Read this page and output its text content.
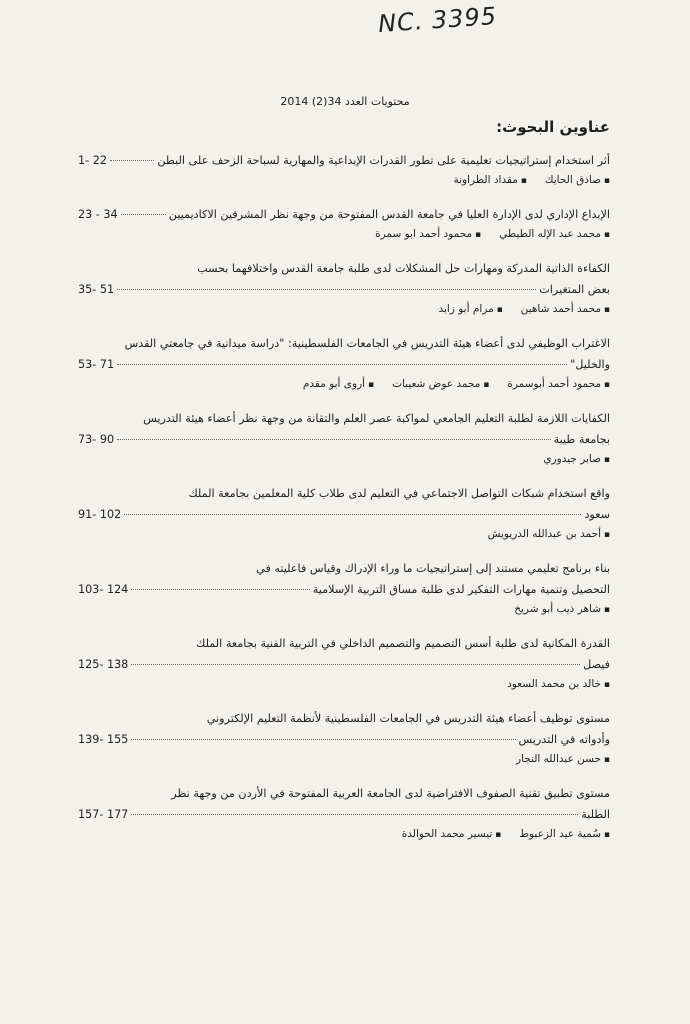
NC. 3395
محتويات العدد 34(2) 2014
عناوين البحوث:
أثر استخدام إستراتيجيات تعليمية على تطور القدرات الإبداعية والمهارية لسباحة الزحف على البطن
1- 22
▪ صادق الحايك
▪ مقداد الطراونة
الإبداع الإداري لدى الإدارة العليا في جامعة القدس المفتوحة من وجهة نظر المشرفين الاكاديميين
23 - 34
▪ محمد عبد الإله الطيطي
▪ محمود أحمد ابو سمرة
الكفاءة الذاتية المدركة ومهارات حل المشكلات لدى طلبة جامعة القدس واختلافهما بحسب
بعض المتغيرات
35- 51
▪ محمد أحمد شاهين
▪ مرام أبو زايد
الاغتراب الوظيفي لدى أعضاء هيئة التدريس في الجامعات الفلسطينية: "دراسة ميدانية في جامعتي القدس
والخليل"
53- 71
▪ محمود أحمد أبوسمرة
▪ محمد عوض شعيبات
▪ أروى أبو مقدم
الكفايات اللازمة لطلبة التعليم الجامعي لمواكبة عصر العلم والتقانة من وجهة نظر أعضاء هيئة التدريس
بجامعة طيبة
73- 90
▪ صابر جيدوري
واقع استخدام شبكات التواصل الاجتماعي في التعليم لدى طلاب كلية المعلمين بجامعة الملك
سعود
91- 102
▪ أحمد بن عبدالله الدريويش
بناء برنامج تعليمي مستند إلى إستراتيجيات ما وراء الإدراك وقياس فاعليته في
التحصيل وتنمية مهارات التفكير لدى طلبة مساق التربية الإسلامية
103- 124
▪ شاهر ذيب أبو شريخ
القدرة المكانية لدى طلبة أسس التصميم والتصميم الداخلي في التربية الفنية بجامعة الملك
فيصل
125- 138
▪ خالد بن محمد السعود
مستوى توظيف أعضاء هيئة التدريس في الجامعات الفلسطينية لأنظمة التعليم الإلكتروني
وأدواته في التدريس
139- 155
▪ حسن عبدالله النجار
مستوى تطبيق تقنية الصفوف الافتراضية لدى الجامعة العربية المفتوحة في الأردن من وجهة نظر
الطلبة
157- 177
▪ سُمية عيد الزعبوط
▪ تيسير محمد الحوالدة
